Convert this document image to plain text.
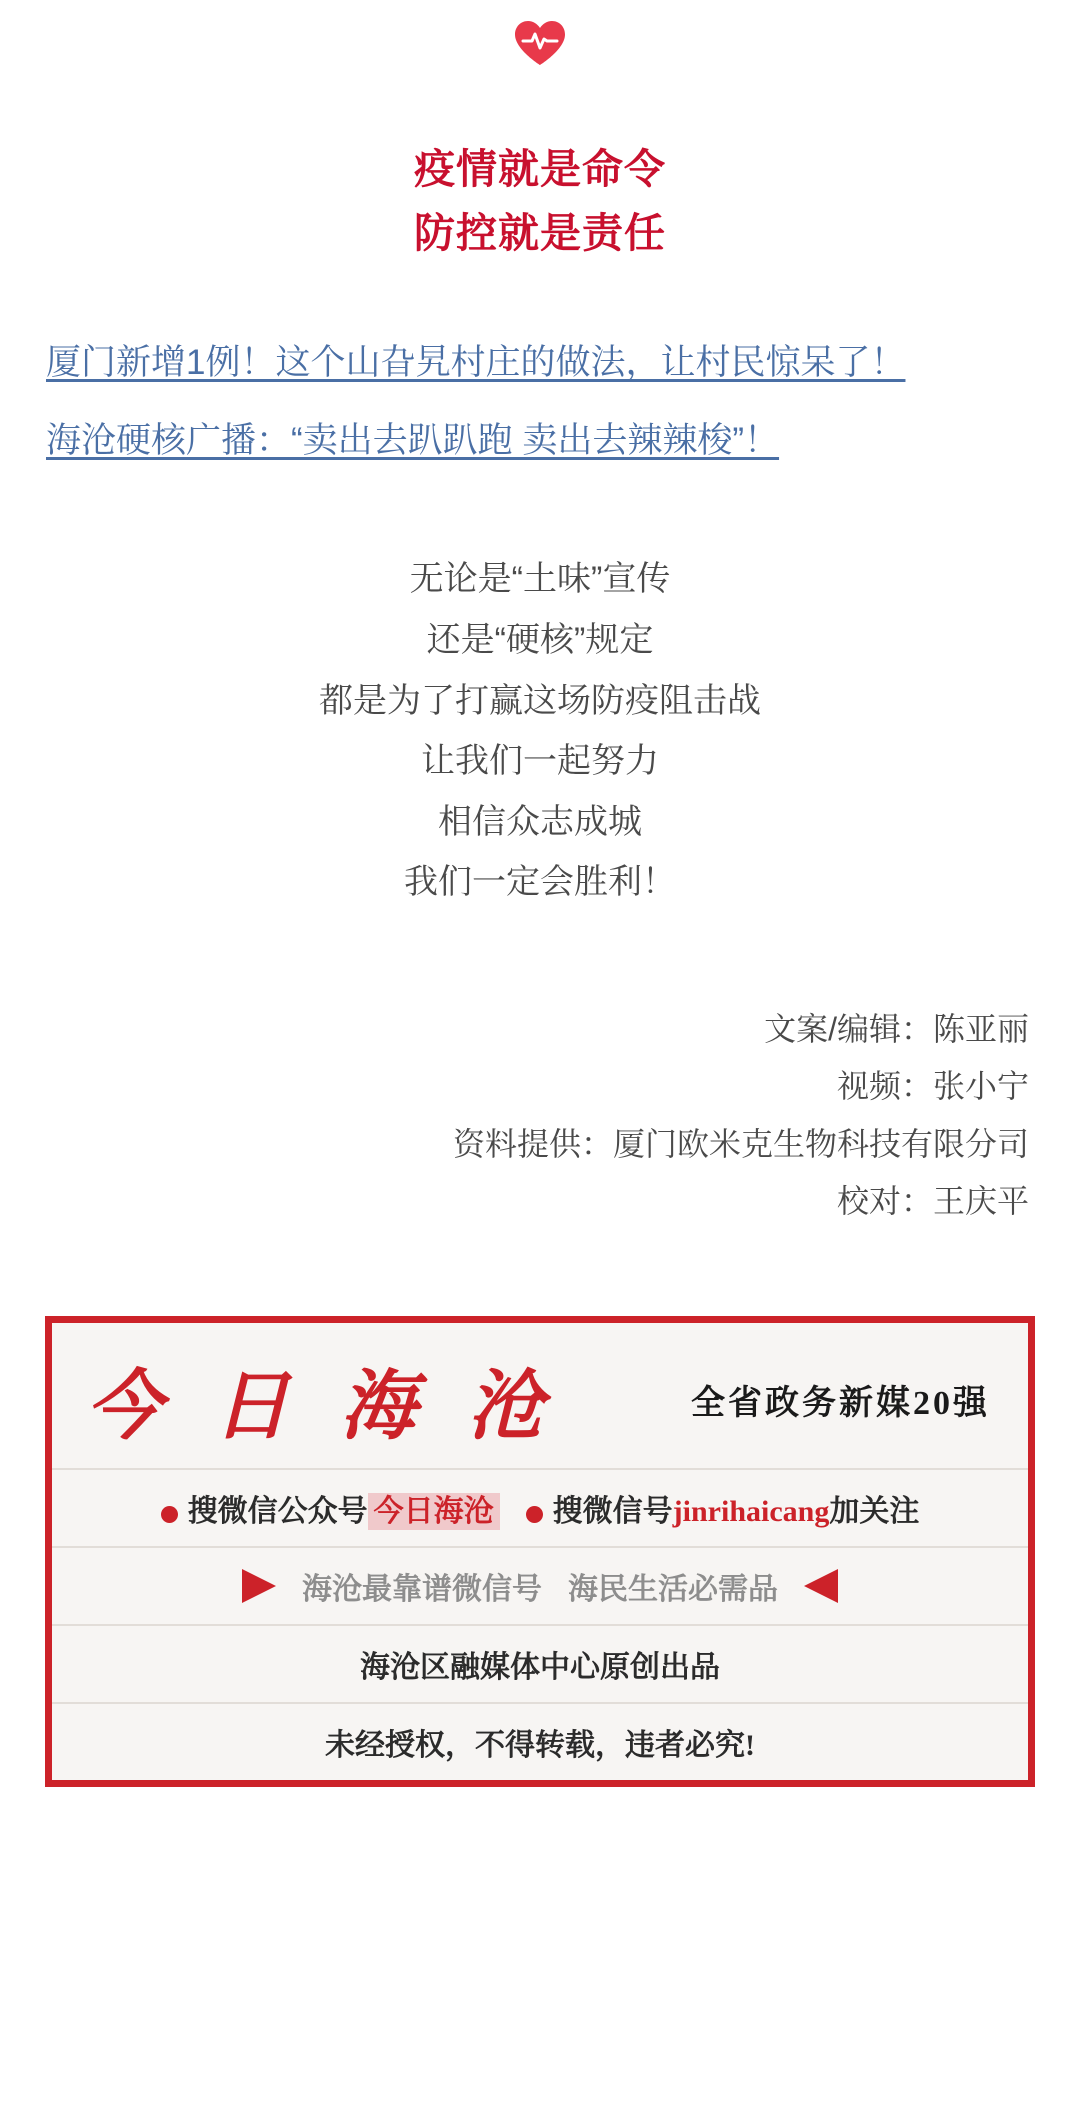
疫情就是命令
防控就是责任
厦门新增1例！这个山旮旯村庄的做法，让村民惊呆了！
海沧硬核广播：“卖出去趴趴跑 卖出去辣辣梭”！
无论是“土味”宣传
还是“硬核”规定
都是为了打赢这场防疫阻击战
让我们一起努力
相信众志成城
我们一定会胜利！
文案/编辑：陈亚丽
视频：张小宁
资料提供：厦门欧米克生物科技有限分司
校对：王庆平
今 日 海 沧	全省政务新媒20强
搜微信公众号 今日海沧	搜微信号jinrihaicang加关注
海沧最靠谱微信号 海民生活必需品
海沧区融媒体中心原创出品
未经授权，不得转载，违者必究!
